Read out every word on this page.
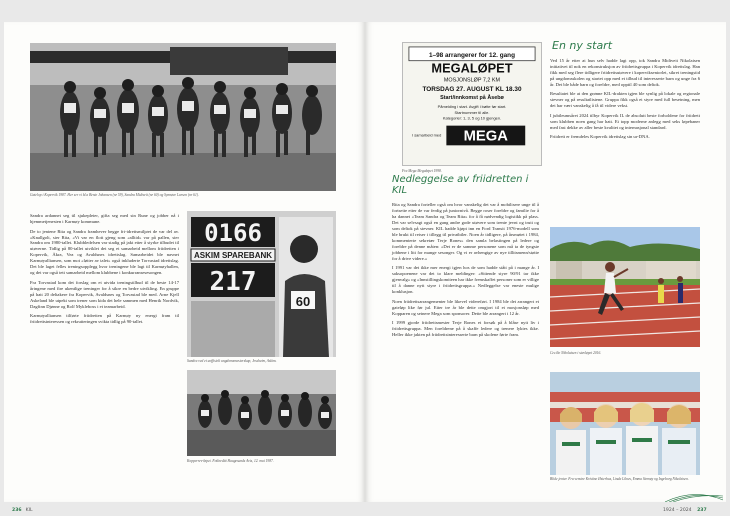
Gatelop i Kopervik 1987. Her ser vi bl.a Bente Johansen (nr 59), Sandra Midtveit (nr 60) og Synnøve Larsen (nr 61).

Sandra ardannet seg til sjukepleier, gifta seg med sin Rune og jobber nå i hjemmetjenesten i Karmøy kommune.

De to jentene Rita og Sandra framhever begge fri-idrettsmiljøet de var del av. «Knallgolt, sier Rita, «Vi var en flott gjeng som «alltid» var på pallen, sier Sandra om 1980-tallet. Klubbledelsen var stadig på jakt etter å styrke tilbudet til utøverne. Tidlig på 80-tallet utviklet det seg et samarbeid mellom friidretten i Kopervik, Åkra, Vea og Avaldsnes idrettslag. Samarbeidet ble navnet Karmøyalliansen, som mot «løtter av talet» også inkluderte Torvastad idrettslag. Det ble laget felles treningsopplegg hvor treningene ble lagt til Karmøyhallen, og det var også tett samarbeid mellom klubbene i konkurransesesongen.

Fra Torvastad kom det forslag om et utvida treningstilbud til de beste 14-17 åringene med fire ukentlige treninger for å sikre en bedre utvikling. En gruppe på hatt 20 deltakere fra Kopervik, Avaldsnes og Torvastad ble med. Arne Kjell Askeland ble utpekt som trener som kida det hele sammen med Henrik Nordvik, Dagfinn Djønne og Rolf Mykleboss i et teamarbeid.

Karmøyalliansen tilførte friidretten på Karmøy ny energi fram til friidrettsinteressen og rekrutteringen svikta tidlig på 90-tallet.

0166
ASKIM SPAREBANK
217
60
Sandra ved et uoffisielt ungdomsmesterskap, Jessheim, Askim.
Kopperrev-løpet. Fotkreditt Haugesunds Avis, 12. mai 1987.
236 KIL
1–98 arrangerer for 12. gang
MEGALØPET
MOSJONSLØP 7,2 KM
TORSDAG 27. AUGUST KL 18.30
Start/innkomst på Åsebø
Påmelding i start. Avgift i bøtte før start.
Startnummer til alle.
Kategorier: 1, 3, 5 og 10 gjengen.
I samarbeid med MEGA
Fra Mega Megaløpet 1998.
Nedleggelse av friidretten i KIL

Rita og Sandra forteller også om hvor vanskelig det var å mobilisere unge til å fortsette etter de var ferdig på juniornivå. Begge roser foreldre og familie for å ha dannet «Team Sandra og Team Rita» for å få nødvendig logistikk på plass. Det var selvsagt også en gang andre gode utøvere som trente jevnt og trutt og som deltok på stevner. KIL hadde kjøpt inn en Ford Transit 1976-modell som ble brukt til reiser i tillegg til privatbiler. Noen år tidligere, på årsmøtet i 1984, kommenterte sekretær Terje Rones» den samla belastingen på ledere og foreldre på denne måten: «Det er de samme personene som må ta de tyngste jobbene i litt for mange sesonger. Og vi er avhengige av nye tillitsmenn/støtte for å drive videre.»

I 1991 var det ikke mer energi igjen hos de som hadde stått på i mange år. I saksopoenene var det to klare meldinger: «Sittende styre 90/91 tar ikke gjenvalg» og «Innstillingskomiteen har ikke fremskaffet personer som er villige til å danne nytt styre i friidrettsgruppa.» Nedleggelse var eneste mulige konklusjon.

Noen friidrettsarrangementer ble likevel videreført. I 1984 ble det arrangert et gateløp like før jul. Etter tre år ble dette omgjort til et mosjonsløp med Kopparen og seinere Mega som sponsorer. Dette ble arrangert i 12 år.

I 1999 gjorde friidrettsmester Terje Rones et forsøk på å blåse nytt liv i friidrettsgruppa. Men foreldrene på å skaffe ledere og trenere lyktes ikke. Heller ikke jakten på friidrettsinteresserte barn på skolene førte fram.

En ny start

Ved 15 år etter at hun selv hadde lagt opp, tok Sandra Midtveit Nikolaisen initiativet til nok en rekonstruksjon av friidrettsgruppa i Kopervik idrettslag. Han fikk med seg flere tidligere friidrettsutøvere i kopervikseniorlet, sikret treningstid på ungdomsskolen og startet opp med et tilbud til interesserte barn og unge fra 6 år. Det ble både barn og foreldre, med opptil 40 som deltok.

Resultatet ble at den grønne KIL-drakten igjen ble synlig på lokale og regionale stevner og på resultatlistene. Gruppa fikk også et styre med full besetning, men det har vært vanskelig å få til videre vekst.

I jubileumsåret 2024 tilbyr Kopervik IL de absolutt beste forholdene for friidrett som klubben noen gang har hatt. Et topp moderne anlegg med seks løpebaner med fast dekke av aller beste kvalitet og internasjonal standard.

Friidrett er fremdeles Kopervik idrettslag sin ur-DNA.

Cecilie Nikolaisen i stavløpet 2016.
Blide jenter. Fra venstre Kristine Østerhus, Linda Lilnes, Emma Stemøy og Ingeborg Nikolaisen.
1924 – 2024 237
